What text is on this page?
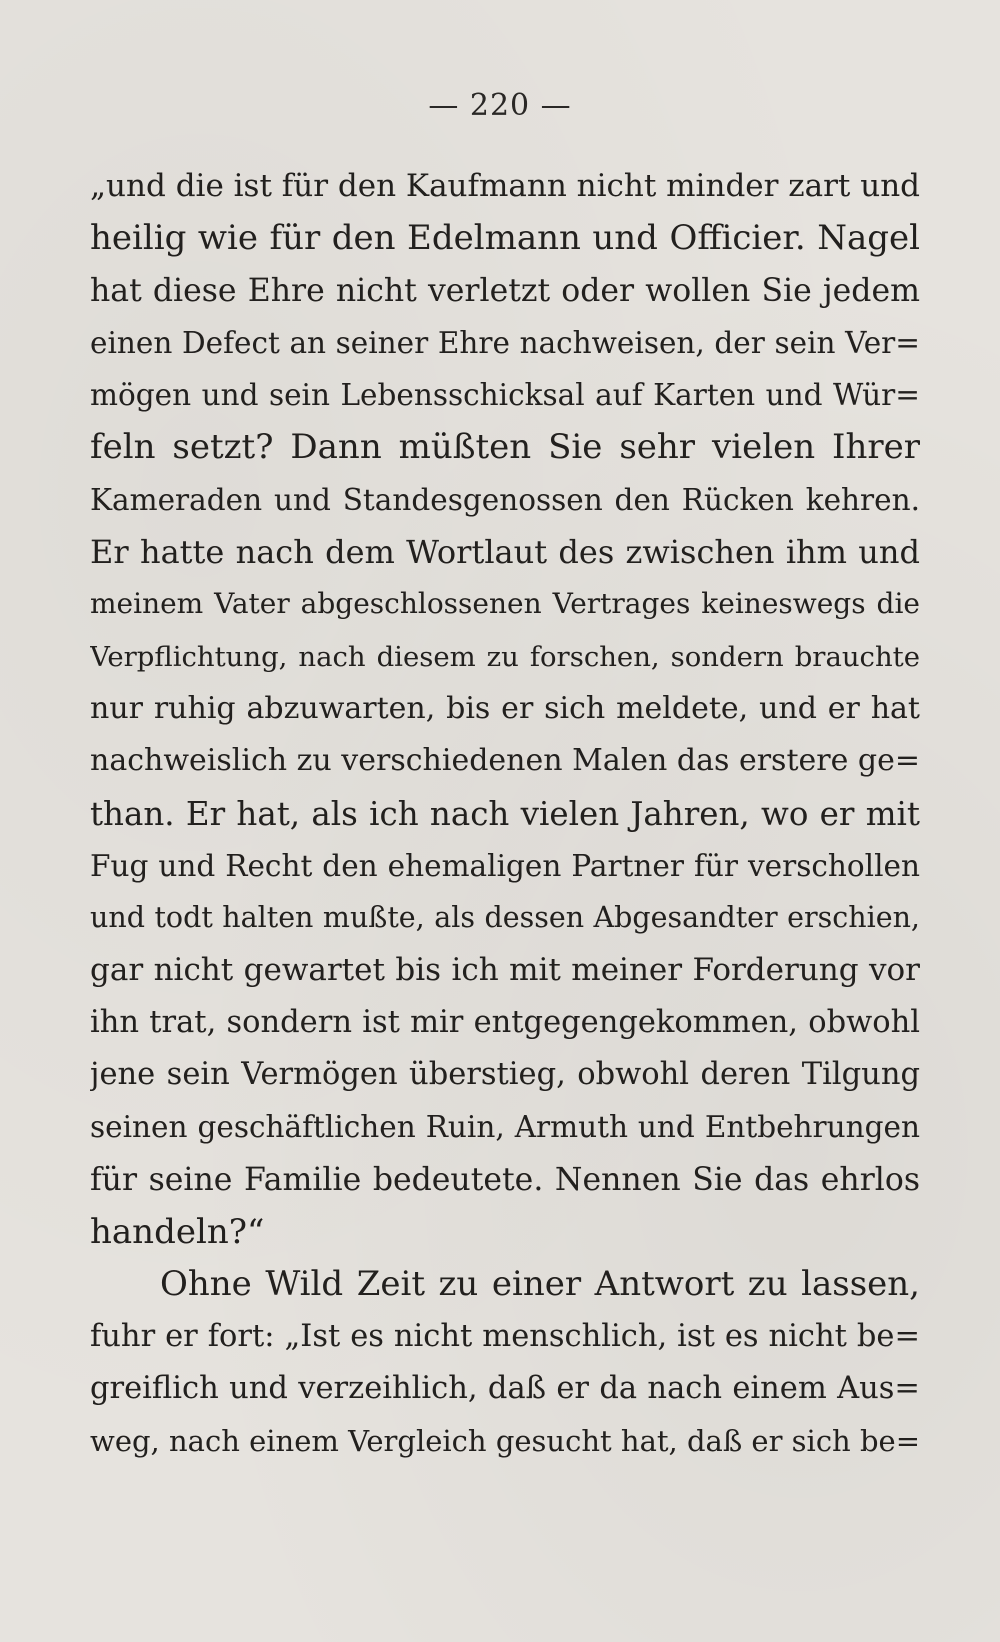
— 220 —
„und die ist für den Kaufmann nicht minder zart und
heilig wie für den Edelmann und Officier. Nagel
hat diese Ehre nicht verletzt oder wollen Sie jedem
einen Defect an seiner Ehre nachweisen, der sein Ver=
mögen und sein Lebensschicksal auf Karten und Wür=
feln setzt? Dann müßten Sie sehr vielen Ihrer
Kameraden und Standesgenossen den Rücken kehren.
Er hatte nach dem Wortlaut des zwischen ihm und
meinem Vater abgeschlossenen Vertrages keineswegs die
Verpflichtung, nach diesem zu forschen, sondern brauchte
nur ruhig abzuwarten, bis er sich meldete, und er hat
nachweislich zu verschiedenen Malen das erstere ge=
than. Er hat, als ich nach vielen Jahren, wo er mit
Fug und Recht den ehemaligen Partner für verschollen
und todt halten mußte, als dessen Abgesandter erschien,
gar nicht gewartet bis ich mit meiner Forderung vor
ihn trat, sondern ist mir entgegengekommen, obwohl
jene sein Vermögen überstieg, obwohl deren Tilgung
seinen geschäftlichen Ruin, Armuth und Entbehrungen
für seine Familie bedeutete. Nennen Sie das ehrlos
handeln?“
Ohne Wild Zeit zu einer Antwort zu lassen,
fuhr er fort: „Ist es nicht menschlich, ist es nicht be=
greiflich und verzeihlich, daß er da nach einem Aus=
weg, nach einem Vergleich gesucht hat, daß er sich be=
